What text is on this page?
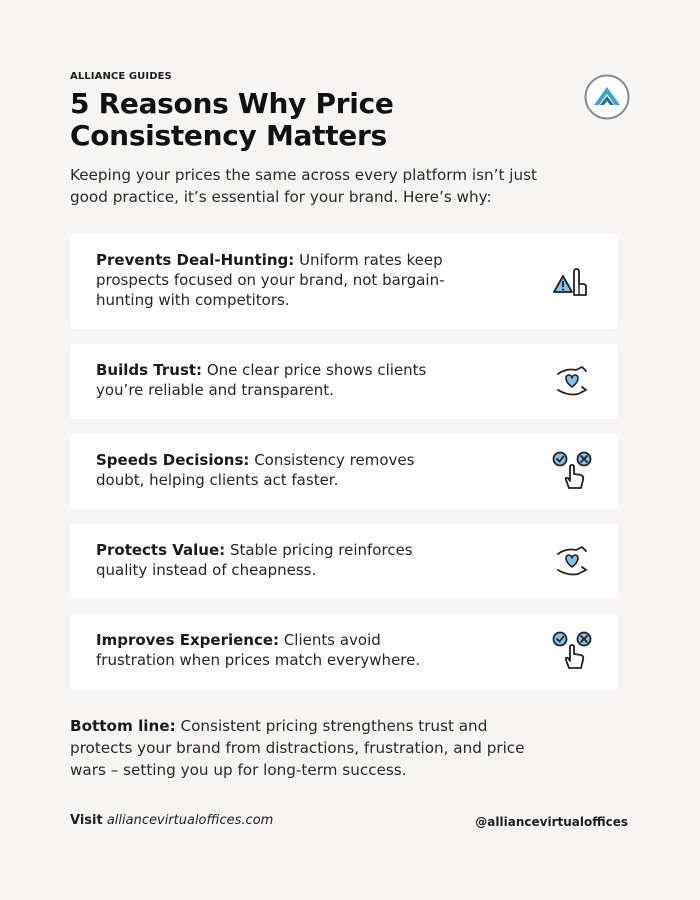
ALLIANCE GUIDES
5 Reasons Why Price Consistency Matters
Keeping your prices the same across every platform isn’t just good practice, it’s essential for your brand. Here’s why:
Prevents Deal-Hunting: Uniform rates keep prospects focused on your brand, not bargain-hunting with competitors.
Builds Trust: One clear price shows clients you’re reliable and transparent.
Speeds Decisions: Consistency removes doubt, helping clients act faster.
Protects Value: Stable pricing reinforces quality instead of cheapness.
Improves Experience: Clients avoid frustration when prices match everywhere.
Bottom line: Consistent pricing strengthens trust and protects your brand from distractions, frustration, and price wars – setting you up for long-term success.
Visit alliancevirtualoffices.com	@alliancevirtualoffices
